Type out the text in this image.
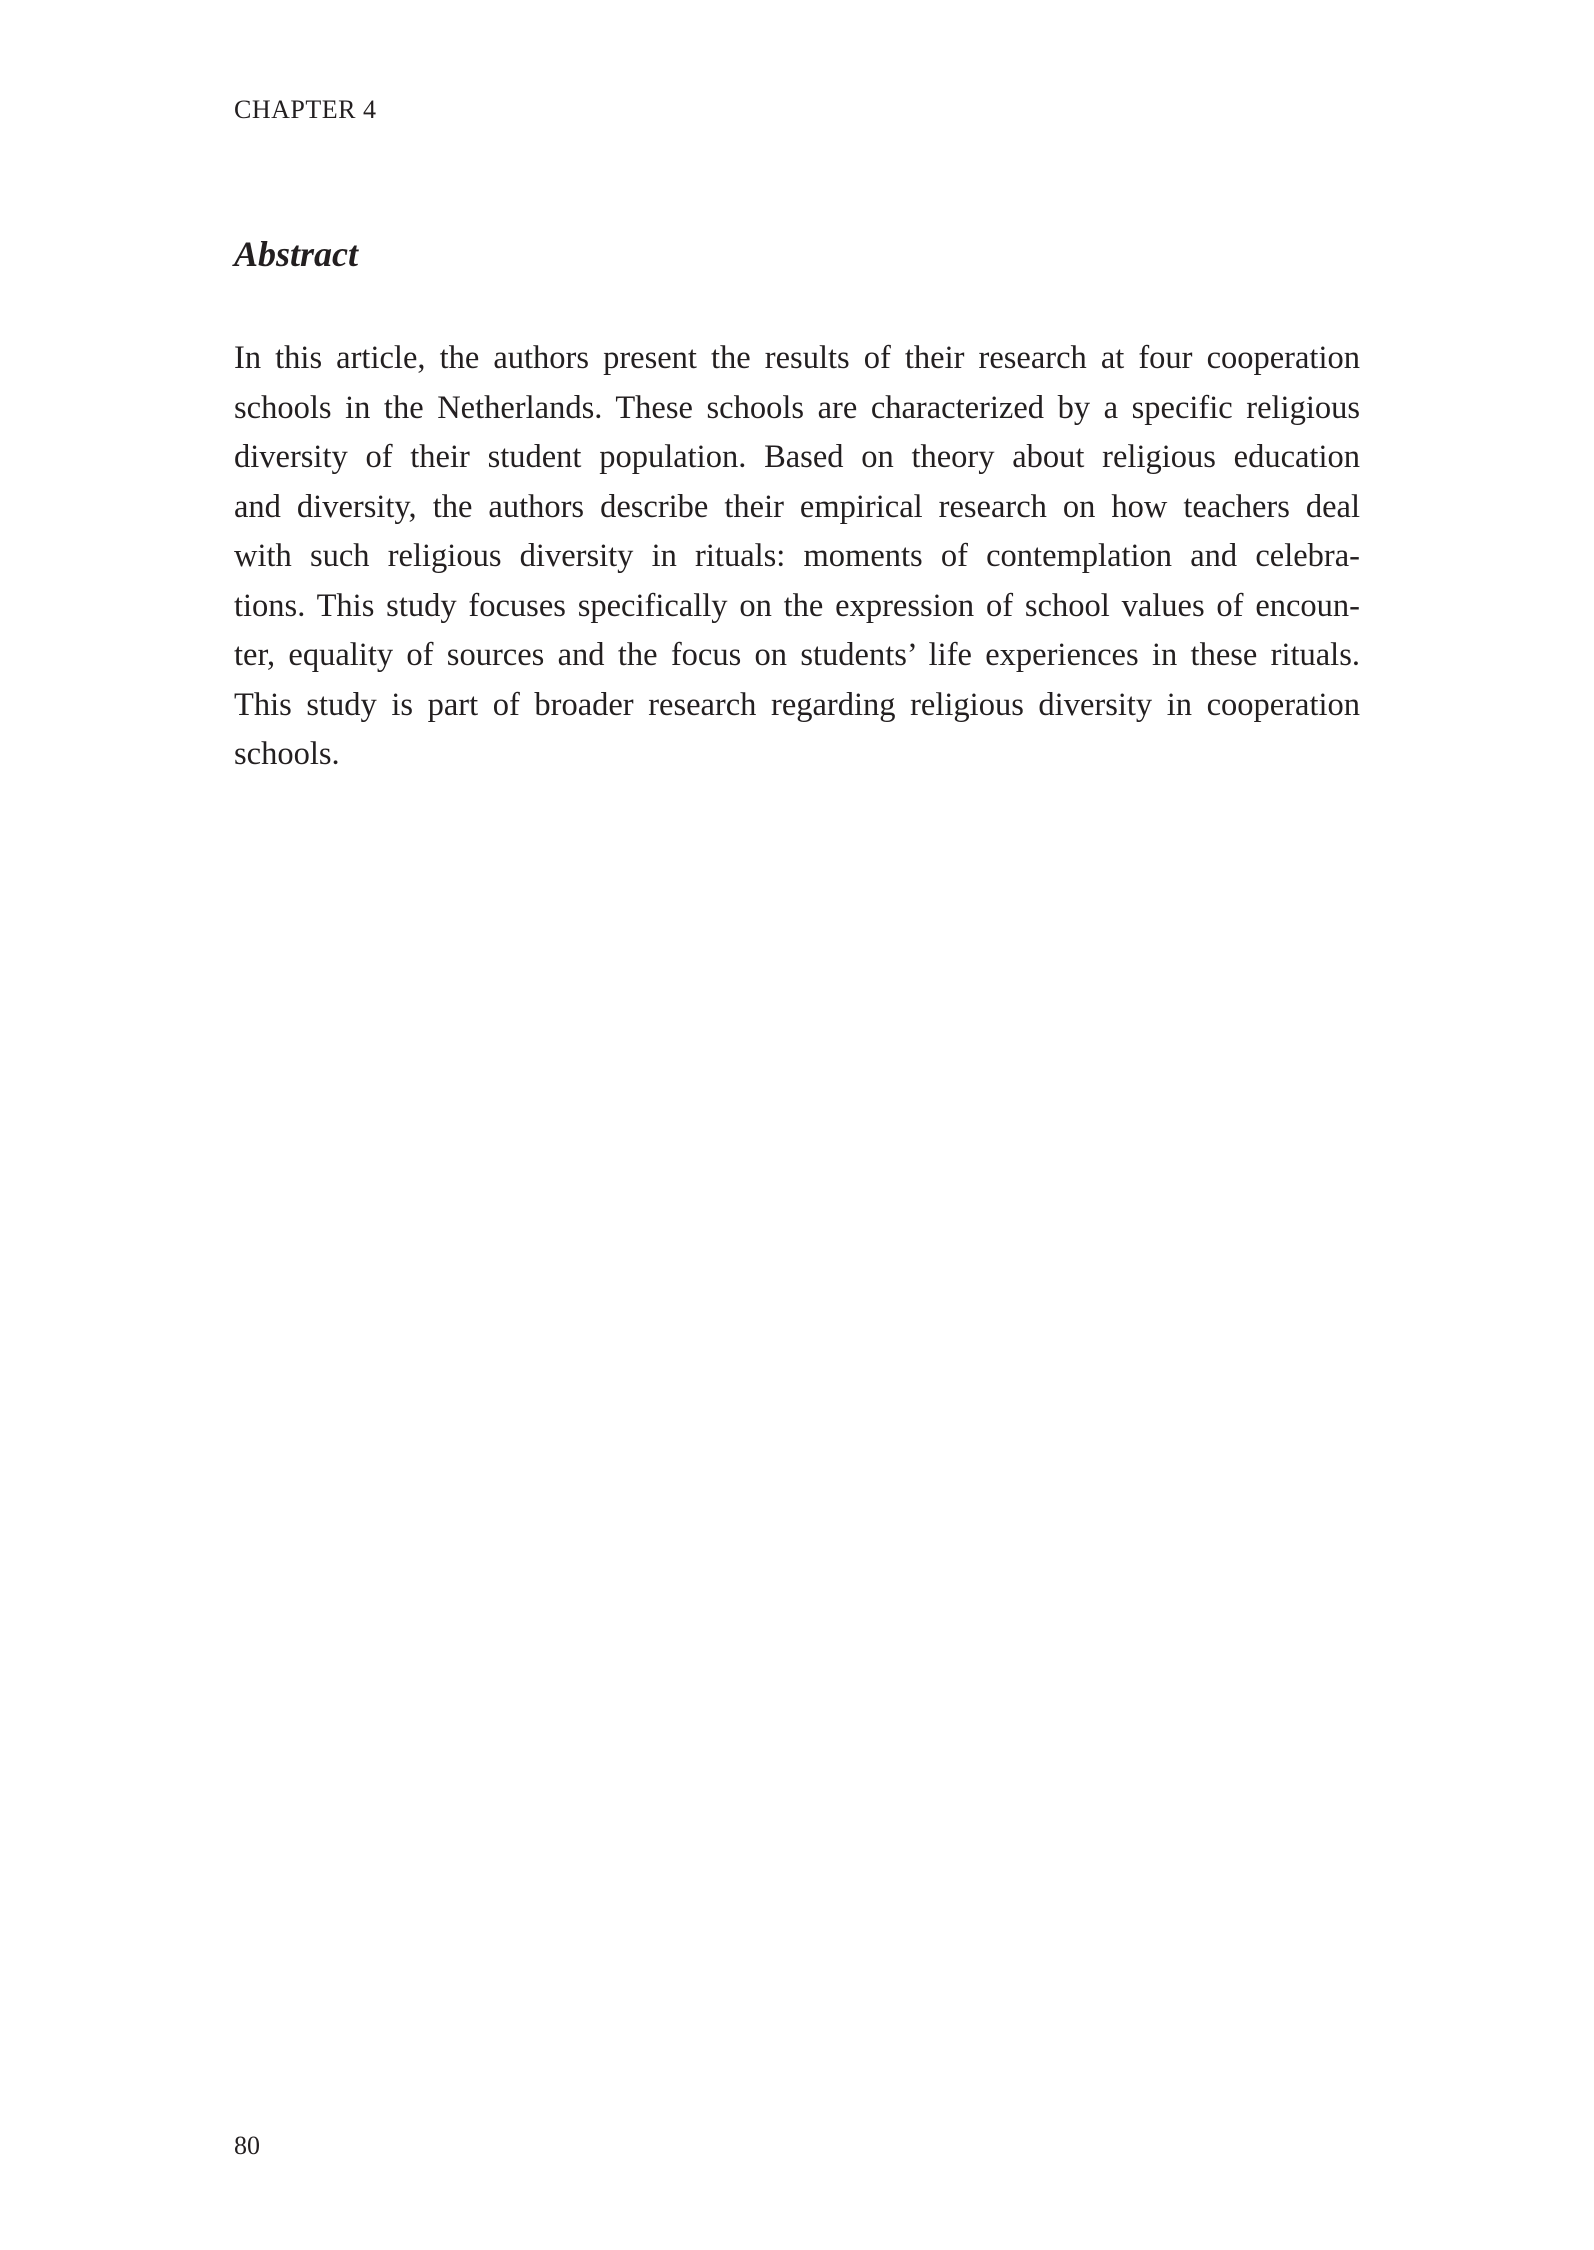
CHAPTER 4
Abstract
In this article, the authors present the results of their research at four cooperation
schools in the Netherlands. These schools are characterized by a specific religious
diversity of their student population. Based on theory about religious education
and diversity, the authors describe their empirical research on how teachers deal
with such religious diversity in rituals: moments of contemplation and celebra-
tions. This study focuses specifically on the expression of school values of encoun-
ter, equality of sources and the focus on students’ life experiences in these rituals.
This study is part of broader research regarding religious diversity in cooperation
schools.
80
